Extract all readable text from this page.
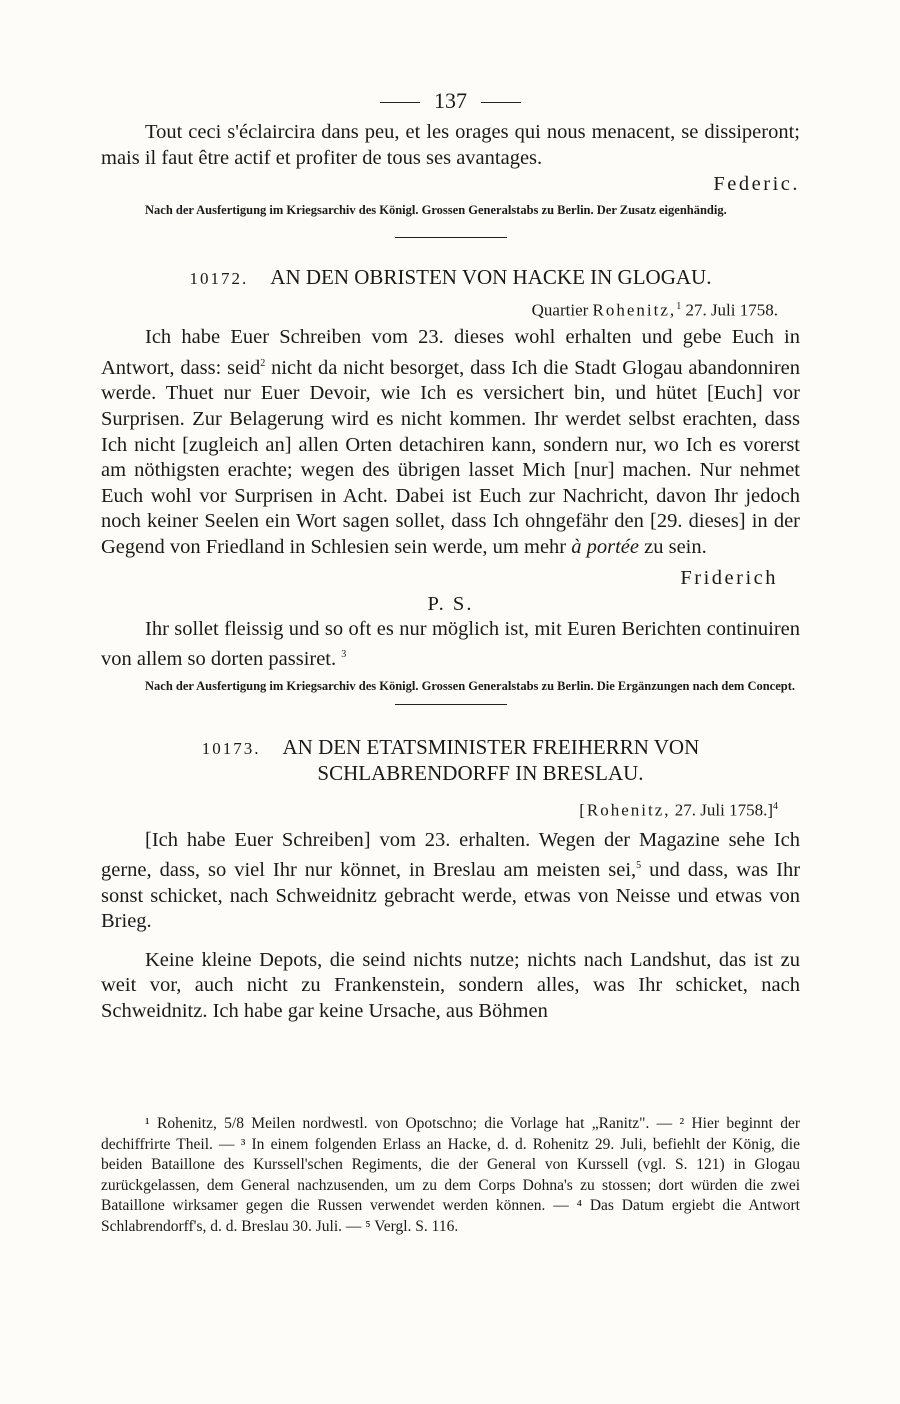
137

Tout ceci s'éclaircira dans peu, et les orages qui nous menacent, se dissiperont; mais il faut être actif et profiter de tous ses avantages.

Federic.

Nach der Ausfertigung im Kriegsarchiv des Königl. Grossen Generalstabs zu Berlin. Der Zusatz eigenhändig.

10172. AN DEN OBRISTEN VON HACKE IN GLOGAU.

Quartier Rohenitz,$^1$ 27. Juli 1758.

Ich habe Euer Schreiben vom 23. dieses wohl erhalten und gebe Euch in Antwort, dass: seid$^2$ nicht da nicht besorget, dass Ich die Stadt Glogau abandonniren werde. Thuet nur Euer Devoir, wie Ich es versichert bin, und hütet [Euch] vor Surprisen. Zur Belagerung wird es nicht kommen. Ihr werdet selbst erachten, dass Ich nicht [zugleich an] allen Orten detachiren kann, sondern nur, wo Ich es vorerst am nöthigsten erachte; wegen des übrigen lasset Mich [nur] machen. Nur nehmet Euch wohl vor Surprisen in Acht. Dabei ist Euch zur Nachricht, davon Ihr jedoch noch keiner Seelen ein Wort sagen sollet, dass Ich ohngefähr den [29. dieses] in der Gegend von Friedland in Schlesien sein werde, um mehr à portée zu sein.

Friderich

P. S.

Ihr sollet fleissig und so oft es nur möglich ist, mit Euren Berichten continuiren von allem so dorten passiret. $^3$

Nach der Ausfertigung im Kriegsarchiv des Königl. Grossen Generalstabs zu Berlin. Die Ergänzungen nach dem Concept.

10173. AN DEN ETATSMINISTER FREIHERRN VON
SCHLABRENDORFF IN BRESLAU.

[Rohenitz, 27. Juli 1758.]$^4$

[Ich habe Euer Schreiben] vom 23. erhalten. Wegen der Magazine sehe Ich gerne, dass, so viel Ihr nur könnet, in Breslau am meisten sei,$^5$ und dass, was Ihr sonst schicket, nach Schweidnitz gebracht werde, etwas von Neisse und etwas von Brieg.

Keine kleine Depots, die seind nichts nutze; nichts nach Landshut, das ist zu weit vor, auch nicht zu Frankenstein, sondern alles, was Ihr schicket, nach Schweidnitz. Ich habe gar keine Ursache, aus Böhmen

¹ Rohenitz, 5/8 Meilen nordwestl. von Opotschno; die Vorlage hat „Ranitz". — ² Hier beginnt der dechiffrirte Theil. — ³ In einem folgenden Erlass an Hacke, d. d. Rohenitz 29. Juli, befiehlt der König, die beiden Bataillone des Kurssell'schen Regiments, die der General von Kurssell (vgl. S. 121) in Glogau zurückgelassen, dem General nachzusenden, um zu dem Corps Dohna's zu stossen; dort würden die zwei Bataillone wirksamer gegen die Russen verwendet werden können. — ⁴ Das Datum ergiebt die Antwort Schlabrendorff's, d. d. Breslau 30. Juli. — ⁵ Vergl. S. 116.
